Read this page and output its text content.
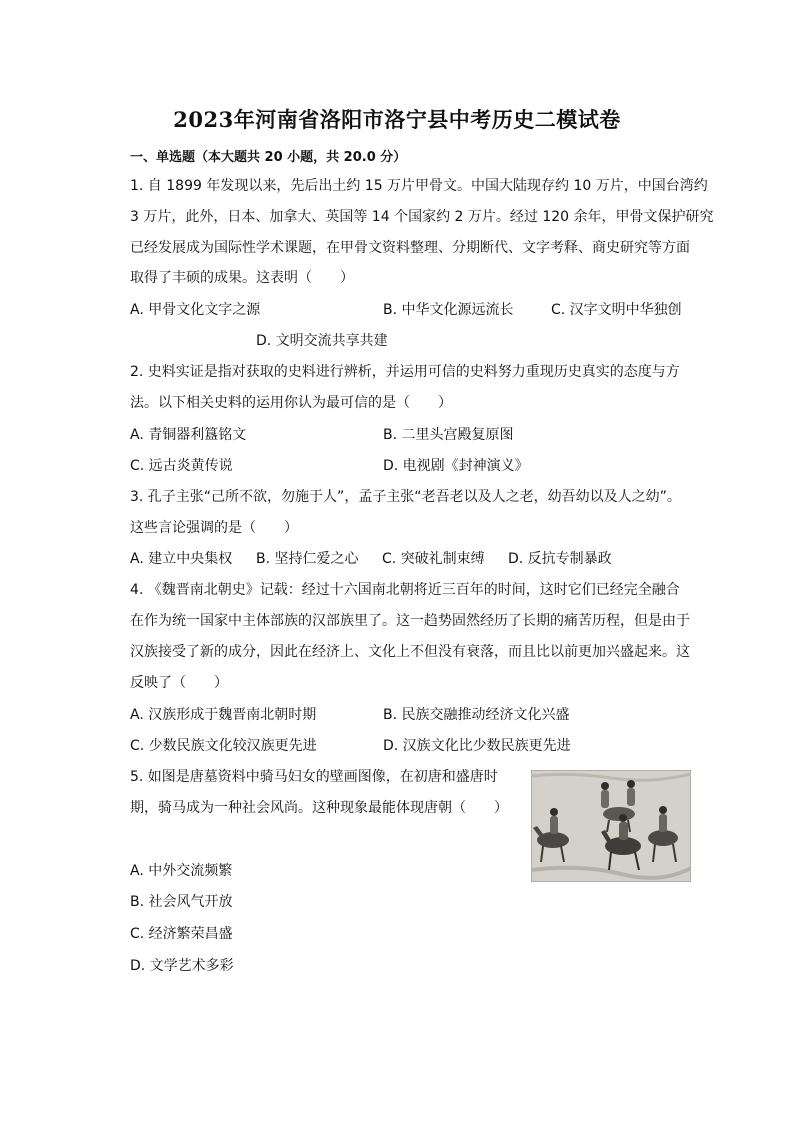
2023年河南省洛阳市洛宁县中考历史二模试卷
一、单选题（本大题共 20 小题，共 20.0 分）
1. 自 1899 年发现以来，先后出土约 15 万片甲骨文。中国大陆现存约 10 万片，中国台湾约
3 万片，此外，日本、加拿大、英国等 14 个国家约 2 万片。经过 120 余年，甲骨文保护研究
已经发展成为国际性学术课题，在甲骨文资料整理、分期断代、文字考释、商史研究等方面
取得了丰硕的成果。这表明（　　）
A. 甲骨文化文字之源	B. 中华文化源远流长	C. 汉字文明中华独创
D. 文明交流共享共建
2. 史料实证是指对获取的史料进行辨析，并运用可信的史料努力重现历史真实的态度与方
法。以下相关史料的运用你认为最可信的是（　　）
A. 青铜器利簋铭文	B. 二里头宫殿复原图
C. 远古炎黄传说	D. 电视剧《封神演义》
3. 孔子主张“己所不欲，勿施于人”，孟子主张“老吾老以及人之老，幼吾幼以及人之幼”。
这些言论强调的是（　　）
A. 建立中央集权 B. 坚持仁爱之心 C. 突破礼制束缚 D. 反抗专制暴政
4. 《魏晋南北朝史》记载：经过十六国南北朝将近三百年的时间，这时它们已经完全融合
在作为统一国家中主体部族的汉部族里了。这一趋势固然经历了长期的痛苦历程，但是由于
汉族接受了新的成分，因此在经济上、文化上不但没有衰落，而且比以前更加兴盛起来。这
反映了（　　）
A. 汉族形成于魏晋南北朝时期	B. 民族交融推动经济文化兴盛
C. 少数民族文化较汉族更先进	D. 汉族文化比少数民族更先进
5. 如图是唐墓资料中骑马妇女的壁画图像，在初唐和盛唐时
期，骑马成为一种社会风尚。这种现象最能体现唐朝（　　）
A. 中外交流频繁
B. 社会风气开放
C. 经济繁荣昌盛
D. 文学艺术多彩
